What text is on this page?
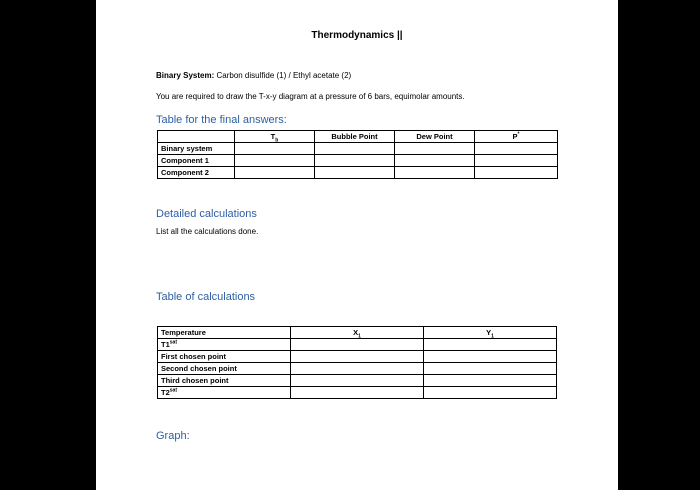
Thermodynamics ||
Binary System: Carbon disulfide (1) / Ethyl acetate (2)
You are required to draw the T-x-y diagram at a pressure of 6 bars, equimolar amounts.
Table for the final answers:
	$T_b$	Bubble Point	Dew Point	P*
Binary system				
Component 1				
Component 2				
Detailed calculations
List all the calculations done.
Table of calculations
Temperature	$X_1$	$Y_1$
$T1^{sat}$		
First chosen point		
Second chosen point		
Third chosen point		
$T2^{sat}$		
Graph:
